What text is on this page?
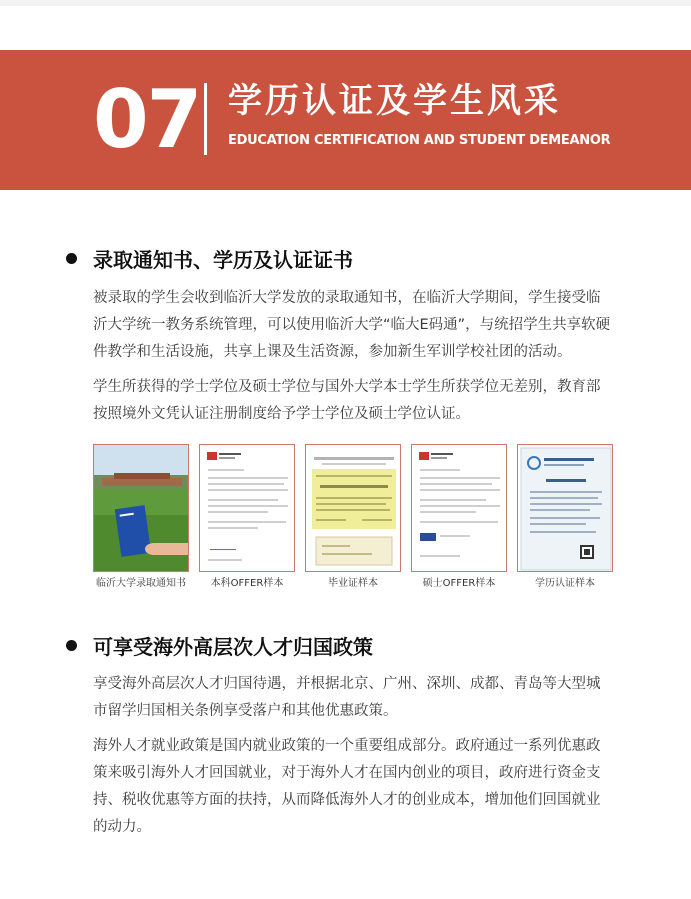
07 学历认证及学生风采
EDUCATION CERTIFICATION AND STUDENT DEMEANOR
录取通知书、学历及认证证书

被录取的学生会收到临沂大学发放的录取通知书，在临沂大学期间，学生接受临沂大学统一教务系统管理，可以使用临沂大学“临大E码通”，与统招学生共享软硬件教学和生活设施，共享上课及生活资源，参加新生军训学校社团的活动。

学生所获得的学士学位及硕士学位与国外大学本士学生所获学位无差别，教育部按照境外文凭认证注册制度给予学士学位及硕士学位认证。

临沂大学录取通知书	本科OFFER样本	毕业证样本	硕士OFFER样本	学历认证样本
可享受海外高层次人才归国政策

享受海外高层次人才归国待遇，并根据北京、广州、深圳、成都、青岛等大型城市留学归国相关条例享受落户和其他优惠政策。

海外人才就业政策是国内就业政策的一个重要组成部分。政府通过一系列优惠政策来吸引海外人才回国就业，对于海外人才在国内创业的项目，政府进行资金支持、税收优惠等方面的扶持，从而降低海外人才的创业成本，增加他们回国就业的动力。
